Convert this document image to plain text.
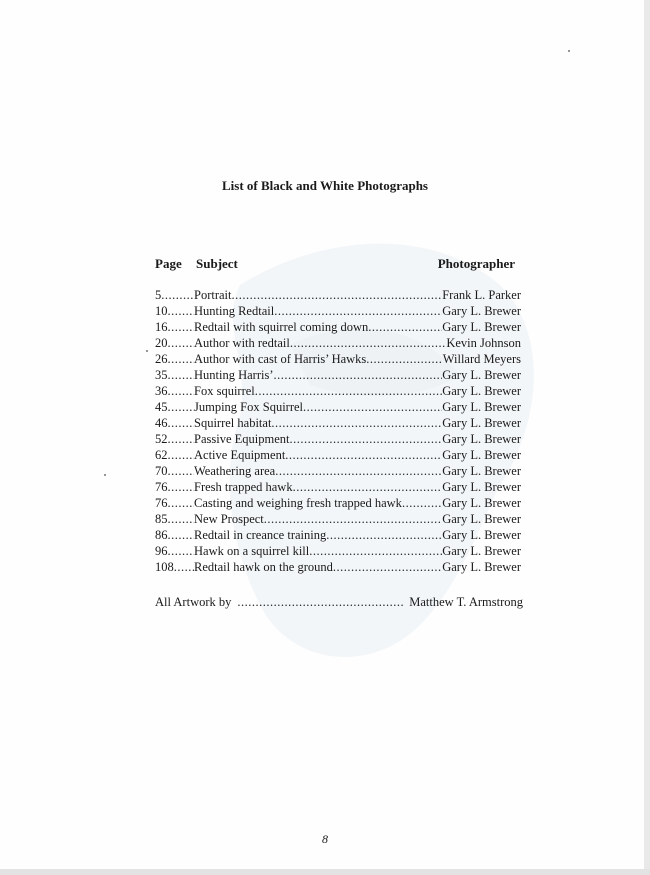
List of Black and White Photographs
Page Subject	Photographer
5 .....	Portrait .....	Frank L. Parker
10 ..... Hunting Redtail .....	Gary L. Brewer
16 ..... Redtail with squirrel coming down .....	Gary L. Brewer
20 ..... Author with redtail .....	Kevin Johnson
26 ..... Author with cast of Harris’ Hawks .....	Willard Meyers
35 ..... Hunting Harris’ .....	Gary L. Brewer
36 ..... Fox squirrel .....	Gary L. Brewer
45 ..... Jumping Fox Squirrel .....	Gary L. Brewer
46 ..... Squirrel habitat .....	Gary L. Brewer
52 ..... Passive Equipment .....	Gary L. Brewer
62 ..... Active Equipment .....	Gary L. Brewer
70 ..... Weathering area .....	Gary L. Brewer
76 ..... Fresh trapped hawk .....	Gary L. Brewer
76 ..... Casting and weighing fresh trapped hawk .....	Gary L. Brewer
85 ..... New Prospect .....	Gary L. Brewer
86 ..... Redtail in creance training .....	Gary L. Brewer
96 ..... Hawk on a squirrel kill .....	Gary L. Brewer
108 ..... Redtail hawk on the ground .....	Gary L. Brewer
All Artwork by .....	Matthew T. Armstrong
8
